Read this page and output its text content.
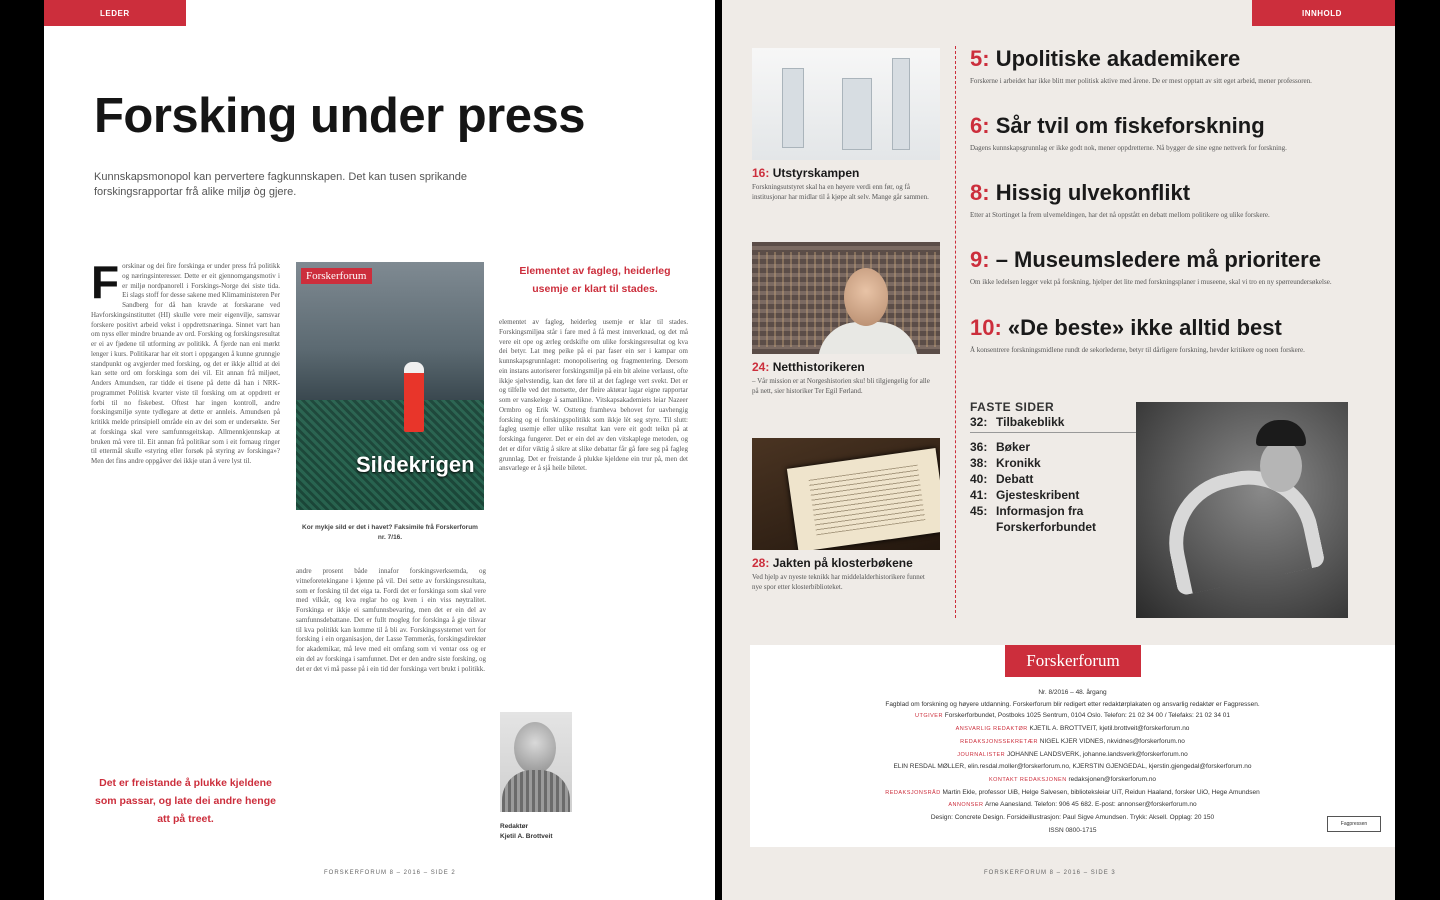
LEDER
Forsking under press

Kunnskapsmonopol kan pervertere fagkunnskapen. Det kan tusen sprikande forskingsrapportar frå alike miljø òg gjere.

Forskinar og dei fire forskinga er under press frå politikk og næringsinteresser. Dette er eit gjennomgangsmotiv i er miljø nordpanorell i Forskings-Norge dei siste tida. Ei slags stoff for desse sakene med Klimaministeren Per Sandberg for då han kravde at forskarane ved Havforskingsinstituttet (HI) skulle vere meir eigenvilje, samsvar forskere positivt arbeid vekst i oppdrettsnæringa. Sinnet vart han om nyss eller mindre bruande av ord. Forsking og forskingsresultat er ei av fjødene til utforming av politikk. Å fjerde nan eni mørkt lenger i kurs. Politikarar har eit stort i oppgangen å kunne grunngje standpunkt og avgjerder med forsking, og det er ikkje alltid at dei kan sette ord om forskinga som dei vil. Eit annan frå miljøet, Anders Amundsen, rar tidde ei tisene på dette då han i NRK-programmet Politisk kvarter viste til forsking om at oppdrett er forbi til no fiskebest. Oftest har ingen kontroll, andre forskingsmiljø synte tydlegare at dette er annleis. Amundsen på kritikk melde prinsipiell område ein av dei som er undersøkte. Ser at forskinga skal vere samfunnsgeitskap. Allmennkjennskap at bruken må vere til. Eit annan frå politikar som i eit fornaug ringer til ettermål skulle «styring eller forsøk på styring av forskinga»? Men det fins andre oppgåver dei ikkje utan å vere lyst til.
Det er freistande å plukke kjeldene som passar, og late dei andre henge att på treet.
Forskerforum
Sildekrigen
Kor mykje sild er det i havet? Faksimile frå Forskerforum nr. 7/16.
andre prosent både innafor forskingsverksemda, og vitneforetekingane i kjenne på vil. Dei sette av forskingsresultata, som er forsking til det eiga ta. Fordi det er forskinga som skal vere med vilkår, og kva reglar ho og kven i ein viss nøytralitet. Forskinga er ikkje ei samfunnsbevaring, men det er ein del av samfunnsdebattane. Det er fullt mogleg for forskinga å gje tilsvar til kva politikk kan komme til å bli av. Forskingssystemet vert for forsking i ein organisasjon, der Lasse Tømmerås, forskingsdirektør for akademikar, må leve med eit omfang som vi ventar oss og er ein del av forskinga i samfunnet. Det er den andre siste forsking, og det er det vi må passe på i ein tid der forskinga vert brukt i politikk.
Elementet av fagleg, heiderleg usemje er klart til stades.
elementet av fagleg, heiderleg usemje er klar til stades. Forskingsmiljøa står i fare med å få mest innverknad, og det må vere eit ope og ærleg ordskifte om ulike forskingsresultat og kva dei betyr. Lat meg peike på ei par faser ein ser i kampar om kunnskapsgrunnlaget: monopolisering og fragmentering. Dersom ein instans autoriserer forskingsmiljø på ein bit aleine verlaust, ofte ikkje sjølvstendig, kan det føre til at det faglege vert svekt. Det er og tilfelle ved det motsette, der fleire aktørar lagar eigne rapportar som er vanskelege å samanlikne. Vitskapsakademiets leiar Nazeer Ormbro og Erik W. Ostteng framheva behovet for uavhengig forsking og ei forskingspolitikk som ikkje lèt seg styre. Til slutt: fagleg usemje eller ulike resultat kan vere eit godt teikn på at forskinga fungerer. Det er ein del av den vitskaplege metoden, og det er difor viktig å sikre at slike debattar får gå føre seg på fagleg grunnlag. Det er freistande å plukke kjeldene ein trur på, men det ansvarlege er å sjå heile biletet.
Redaktør
Kjetil A. Brottveit
FORSKERFORUM 8 – 2016 – SIDE 2
INNHOLD
16: Utstyrskampen
Forskningsutstyret skal ha en høyere verdi enn før, og få institusjonar har midlar til å kjøpe alt selv. Mange går sammen.
24: Netthistorikeren
– Vår mission er at Norgeshistorien sku! bli tilgjengelig for alle på nett, sier historiker Ter Egil Førland.
28: Jakten på klosterbøkene
Ved hjelp av nyeste teknikk har middelalderhistorikere funnet nye spor etter klosterbiblioteket.
5: Upolitiske akademikere
Forskerne i arbeidet har ikke blitt mer politisk aktive med årene. De er mest opptatt av sitt eget arbeid, mener professoren.
6: Sår tvil om fiskeforskning
Dagens kunnskapsgrunnlag er ikke godt nok, mener oppdretterne. Nå bygger de sine egne nettverk for forskning.
8: Hissig ulvekonflikt
Etter at Stortinget la frem ulvemeldingen, har det nå oppstått en debatt mellom politikere og ulike forskere.
9: – Museumsledere må prioritere
Om ikke ledelsen legger vekt på forskning, hjelper det lite med forskningsplaner i museene, skal vi tro en ny spørreundersøkelse.
10: «De beste» ikke alltid best
Å konsentrere forskningsmidlene rundt de sekorlederne, betyr til dårligere forskning, hevder kritikere og noen forskere.
FASTE SIDER
32: Tilbakeblikk
36: Bøker
38: Kronikk
40: Debatt
41: Gjesteskribent
45: Informasjon fra
Forskerforbundet
Forskerforum
Nr. 8/2016 – 48. årgang
Fagblad om forskning og høyere utdanning. Forskerforum blir redigert etter redaktørplakaten og ansvarlig redaktør er Fagpressen.
UTGIVER Forskerforbundet, Postboks 1025 Sentrum, 0104 Oslo. Telefon: 21 02 34 00 / Telefaks: 21 02 34 01
ANSVARLIG REDAKTØR KJETIL A. BROTTVEIT, kjetil.brottveit@forskerforum.no
REDAKSJONSSEKRETÆR NIGEL KJER VIDNES, nkvidnes@forskerforum.no
JOURNALISTER JOHANNE LANDSVERK, johanne.landsverk@forskerforum.no
ELIN RESDAL MØLLER, elin.resdal.moller@forskerforum.no, KJERSTIN GJENGEDAL, kjerstin.gjengedal@forskerforum.no
KONTAKT REDAKSJONEN redaksjonen@forskerforum.no
REDAKSJONSRÅD Martin Ekle, professor UiB, Helge Salvesen, biblioteksleiar UiT, Reidun Haaland, forsker UiO, Hege Amundsen
ANNONSER Arne Aanesland. Telefon: 906 45 682. E-post: annonser@forskerforum.no
Design: Concrete Design. Forsideillustrasjon: Paul Sigve Amundsen. Trykk: Aksell. Opplag: 20 150
ISSN 0800-1715
Fagpressen
FORSKERFORUM 8 – 2016 – SIDE 3
